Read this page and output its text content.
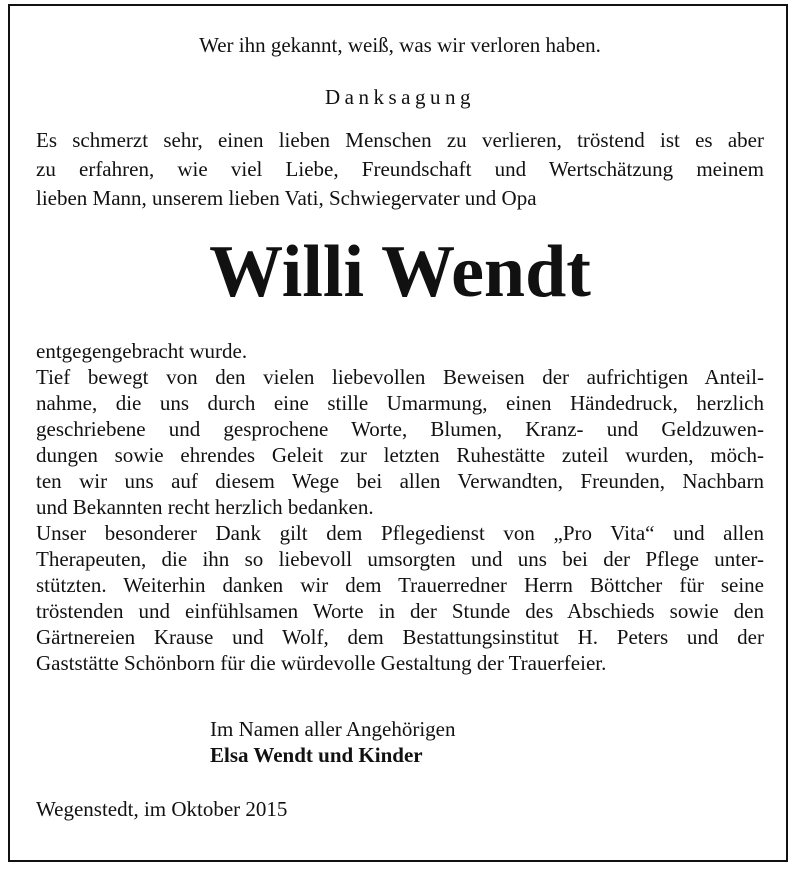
Wer ihn gekannt, weiß, was wir verloren haben.

Danksagung

Es schmerzt sehr, einen lieben Menschen zu verlieren, tröstend ist es aber

zu erfahren, wie viel Liebe, Freundschaft und Wertschätzung meinem

lieben Mann, unserem lieben Vati, Schwiegervater und Opa

Willi Wendt

entgegengebracht wurde.

Tief bewegt von den vielen liebevollen Beweisen der aufrichtigen Anteil-

nahme, die uns durch eine stille Umarmung, einen Händedruck, herzlich

geschriebene und gesprochene Worte, Blumen, Kranz- und Geldzuwen-

dungen sowie ehrendes Geleit zur letzten Ruhestätte zuteil wurden, möch-

ten wir uns auf diesem Wege bei allen Verwandten, Freunden, Nachbarn

und Bekannten recht herzlich bedanken.

Unser besonderer Dank gilt dem Pflegedienst von „Pro Vita“ und allen

Therapeuten, die ihn so liebevoll umsorgten und uns bei der Pflege unter-

stützten. Weiterhin danken wir dem Trauerredner Herrn Böttcher für seine

tröstenden und einfühlsamen Worte in der Stunde des Abschieds sowie den

Gärtnereien Krause und Wolf, dem Bestattungsinstitut H. Peters und der

Gaststätte Schönborn für die würdevolle Gestaltung der Trauerfeier.

Im Namen aller Angehörigen

Elsa Wendt und Kinder

Wegenstedt, im Oktober 2015
